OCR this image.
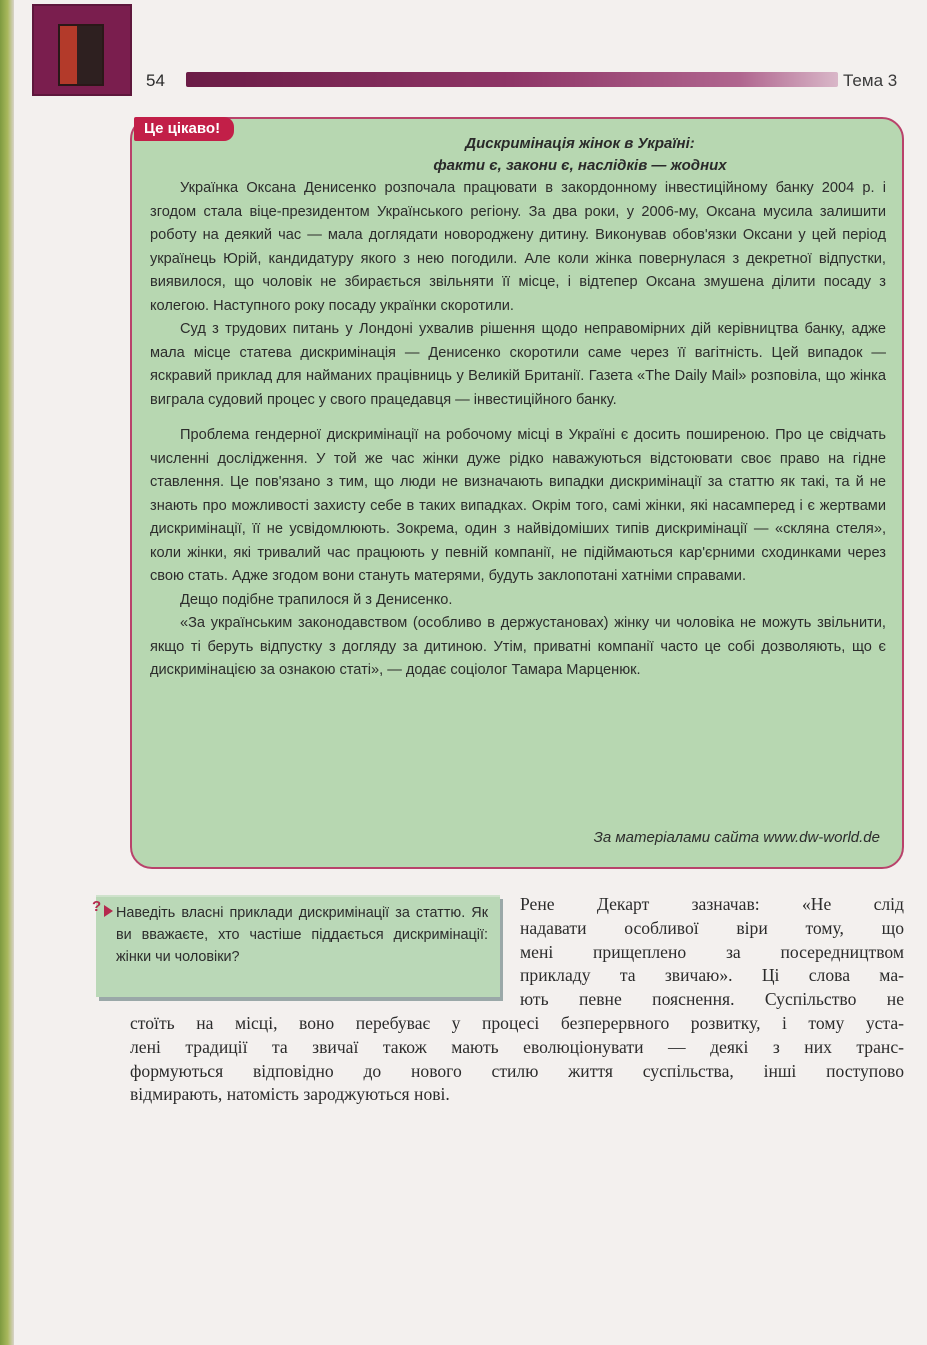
54	Тема 3
Це цікаво!
Дискримінація жінок в Україні:
факти є, закони є, наслідків — жодних

Українка Оксана Денисенко розпочала працювати в закордонному інвестиційному банку 2004 р. і згодом стала віце-президентом Українського регіону. За два роки, у 2006-му, Оксана мусила залишити роботу на деякий час — мала доглядати новороджену дитину. Виконував обов'язки Оксани у цей період українець Юрій, кандидатуру якого з нею погодили. Але коли жінка повернулася з декретної відпустки, виявилося, що чоловік не збирається звільняти її місце, і відтепер Оксана змушена ділити посаду з колегою. Наступного року посаду українки скоротили.

Суд з трудових питань у Лондоні ухвалив рішення щодо неправомірних дій керівництва банку, адже мала місце статева дискримінація — Денисенко скоротили саме через її вагітність. Цей випадок — яскравий приклад для найманих працівниць у Великій Британії. Газета «The Daily Mail» розповіла, що жінка виграла судовий процес у свого працедавця — інвестиційного банку.

Проблема гендерної дискримінації на робочому місці в Україні є досить поширеною. Про це свідчать численні дослідження. У той же час жінки дуже рідко наважуються відстоювати своє право на гідне ставлення. Це пов'язано з тим, що люди не визначають випадки дискримінації за статтю як такі, та й не знають про можливості захисту себе в таких випадках. Окрім того, самі жінки, які насамперед і є жертвами дискримінації, її не усвідомлюють. Зокрема, один з найвідоміших типів дискримінації — «скляна стеля», коли жінки, які тривалий час працюють у певній компанії, не підіймаються кар'єрними сходинками через свою стать. Адже згодом вони стануть матерями, будуть заклопотані хатніми справами.

Дещо подібне трапилося й з Денисенко.

«За українським законодавством (особливо в держустановах) жінку чи чоловіка не можуть звільнити, якщо ті беруть відпустку з догляду за дитиною. Утім, приватні компанії часто це собі дозволяють, що є дискримінацією за ознакою статі», — додає соціолог Тамара Марценюк.

За матеріалами сайта www.dw-world.de
? Наведіть власні приклади дискримінації за статтю. Як ви вважаєте, хто частіше піддається дискримінації: жінки чи чоловіки?
Рене Декарт зазначав: «Не слід
надавати особливої віри тому, що
мені прищеплено за посередництвом
прикладу та звичаю». Ці слова ма-
ють певне пояснення. Суспільство не
стоїть на місці, воно перебуває у процесі безперервного розвитку, і тому уста-
лені традиції та звичаї також мають еволюціонувати — деякі з них транс-
формуються відповідно до нового стилю життя суспільства, інші поступово
відмирають, натомість зароджуються нові.
